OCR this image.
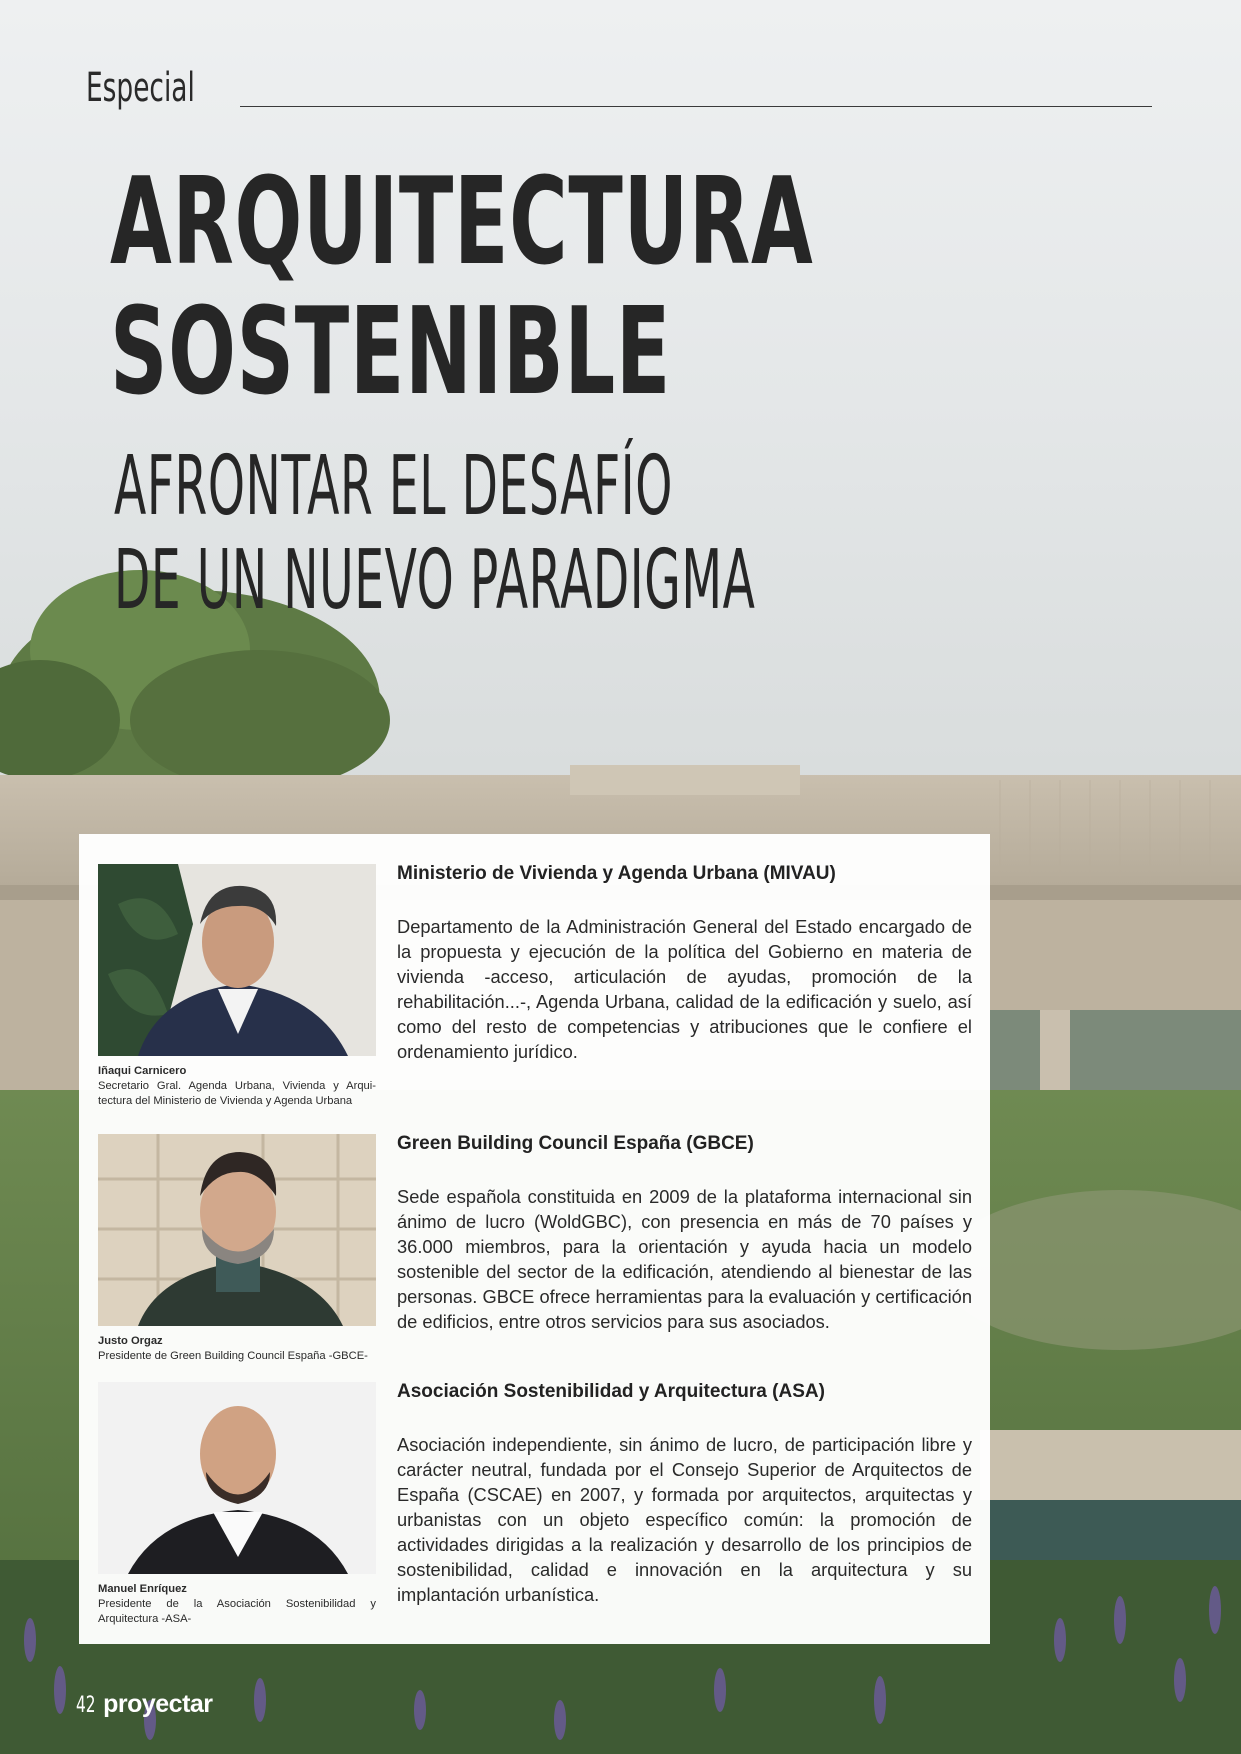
Especial
ARQUITECTURA
SOSTENIBLE
AFRONTAR EL DESAFÍO
DE UN NUEVO PARADIGMA
Iñaqui Carnicero
Secretario Gral. Agenda Urbana, Vivienda y Arqui-tectura del Ministerio de Vivienda y Agenda Urbana
Justo Orgaz
Presidente de Green Building Council España -GBCE-
Manuel Enríquez
Presidente de la Asociación Sostenibilidad y Arquitectura -ASA-
Ministerio de Vivienda y Agenda Urbana (MIVAU)

Departamento de la Administración General del Estado encargado de la propuesta y ejecución de la política del Gobierno en materia de vivienda -acceso, articulación de ayudas, promoción de la rehabilitación...-, Agenda Urbana, calidad de la edificación y suelo, así como del resto de competencias y atribuciones que le confiere el ordenamiento jurídico.

Green Building Council España (GBCE)

Sede española constituida en 2009 de la plataforma internacional sin ánimo de lucro (WoldGBC), con presencia en más de 70 países y 36.000 miembros, para la orientación y ayuda hacia un modelo sostenible del sector de la edificación, atendiendo al bienestar de las personas. GBCE ofrece herramientas para la evaluación y certificación de edificios, entre otros servicios para sus asociados.

Asociación Sostenibilidad y Arquitectura (ASA)

Asociación independiente, sin ánimo de lucro, de participación libre y carácter neutral, fundada por el Consejo Superior de Arquitectos de España (CSCAE) en 2007, y formada por arquitectos, arquitectas y urbanistas con un objeto específico común: la promoción de actividades dirigidas a la realización y desarrollo de los principios de sostenibilidad, calidad e innovación en la arquitectura y su implantación urbanística.

42 proyectar
